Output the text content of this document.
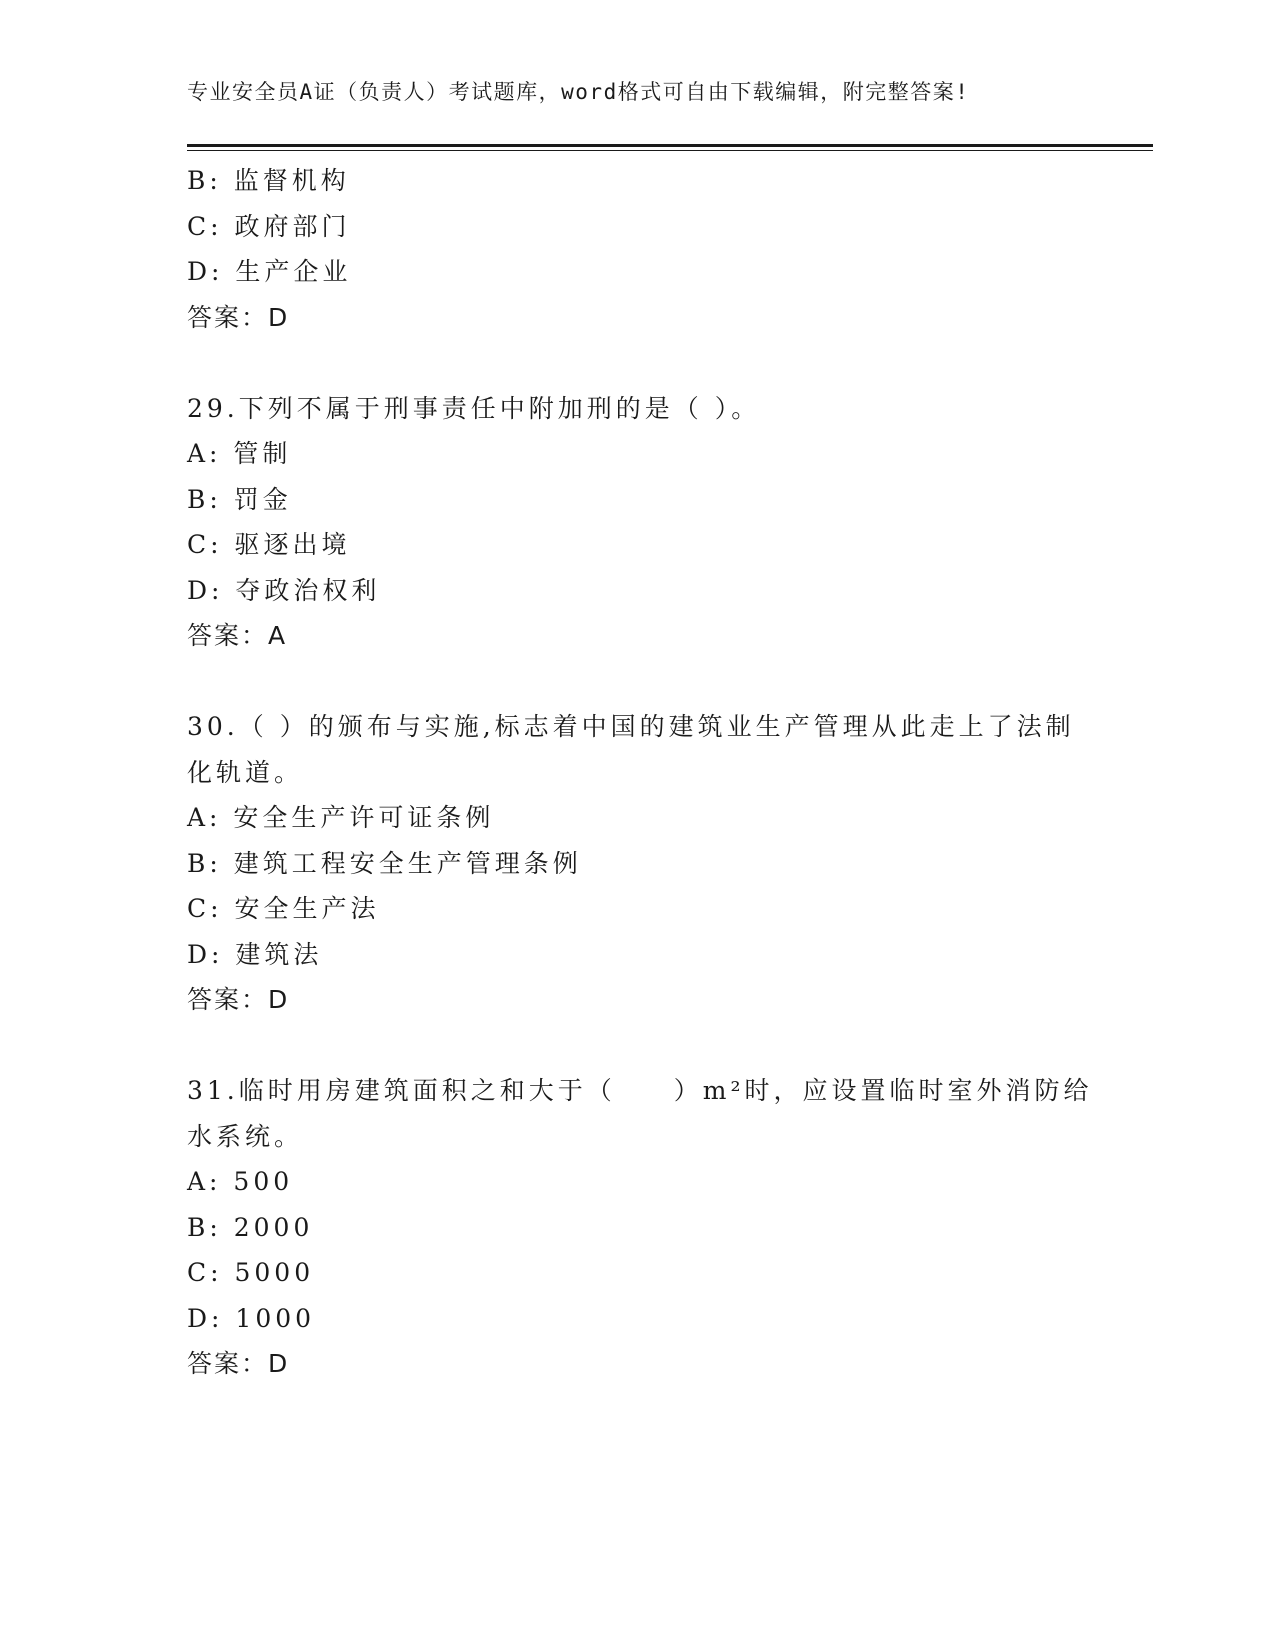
专业安全员A证（负责人）考试题库，word格式可自由下载编辑，附完整答案!
B: 监督机构
C: 政府部门
D: 生产企业
答案：D
29.下列不属于刑事责任中附加刑的是（ ）。
A: 管制
B: 罚金
C: 驱逐出境
D: 夺政治权利
答案：A
30.（ ）的颁布与实施,标志着中国的建筑业生产管理从此走上了法制
化轨道。
A: 安全生产许可证条例
B: 建筑工程安全生产管理条例
C: 安全生产法
D: 建筑法
答案：D
31.临时用房建筑面积之和大于（　　）m²时，应设置临时室外消防给
水系统。
A: 500
B: 2000
C: 5000
D: 1000
答案：D
